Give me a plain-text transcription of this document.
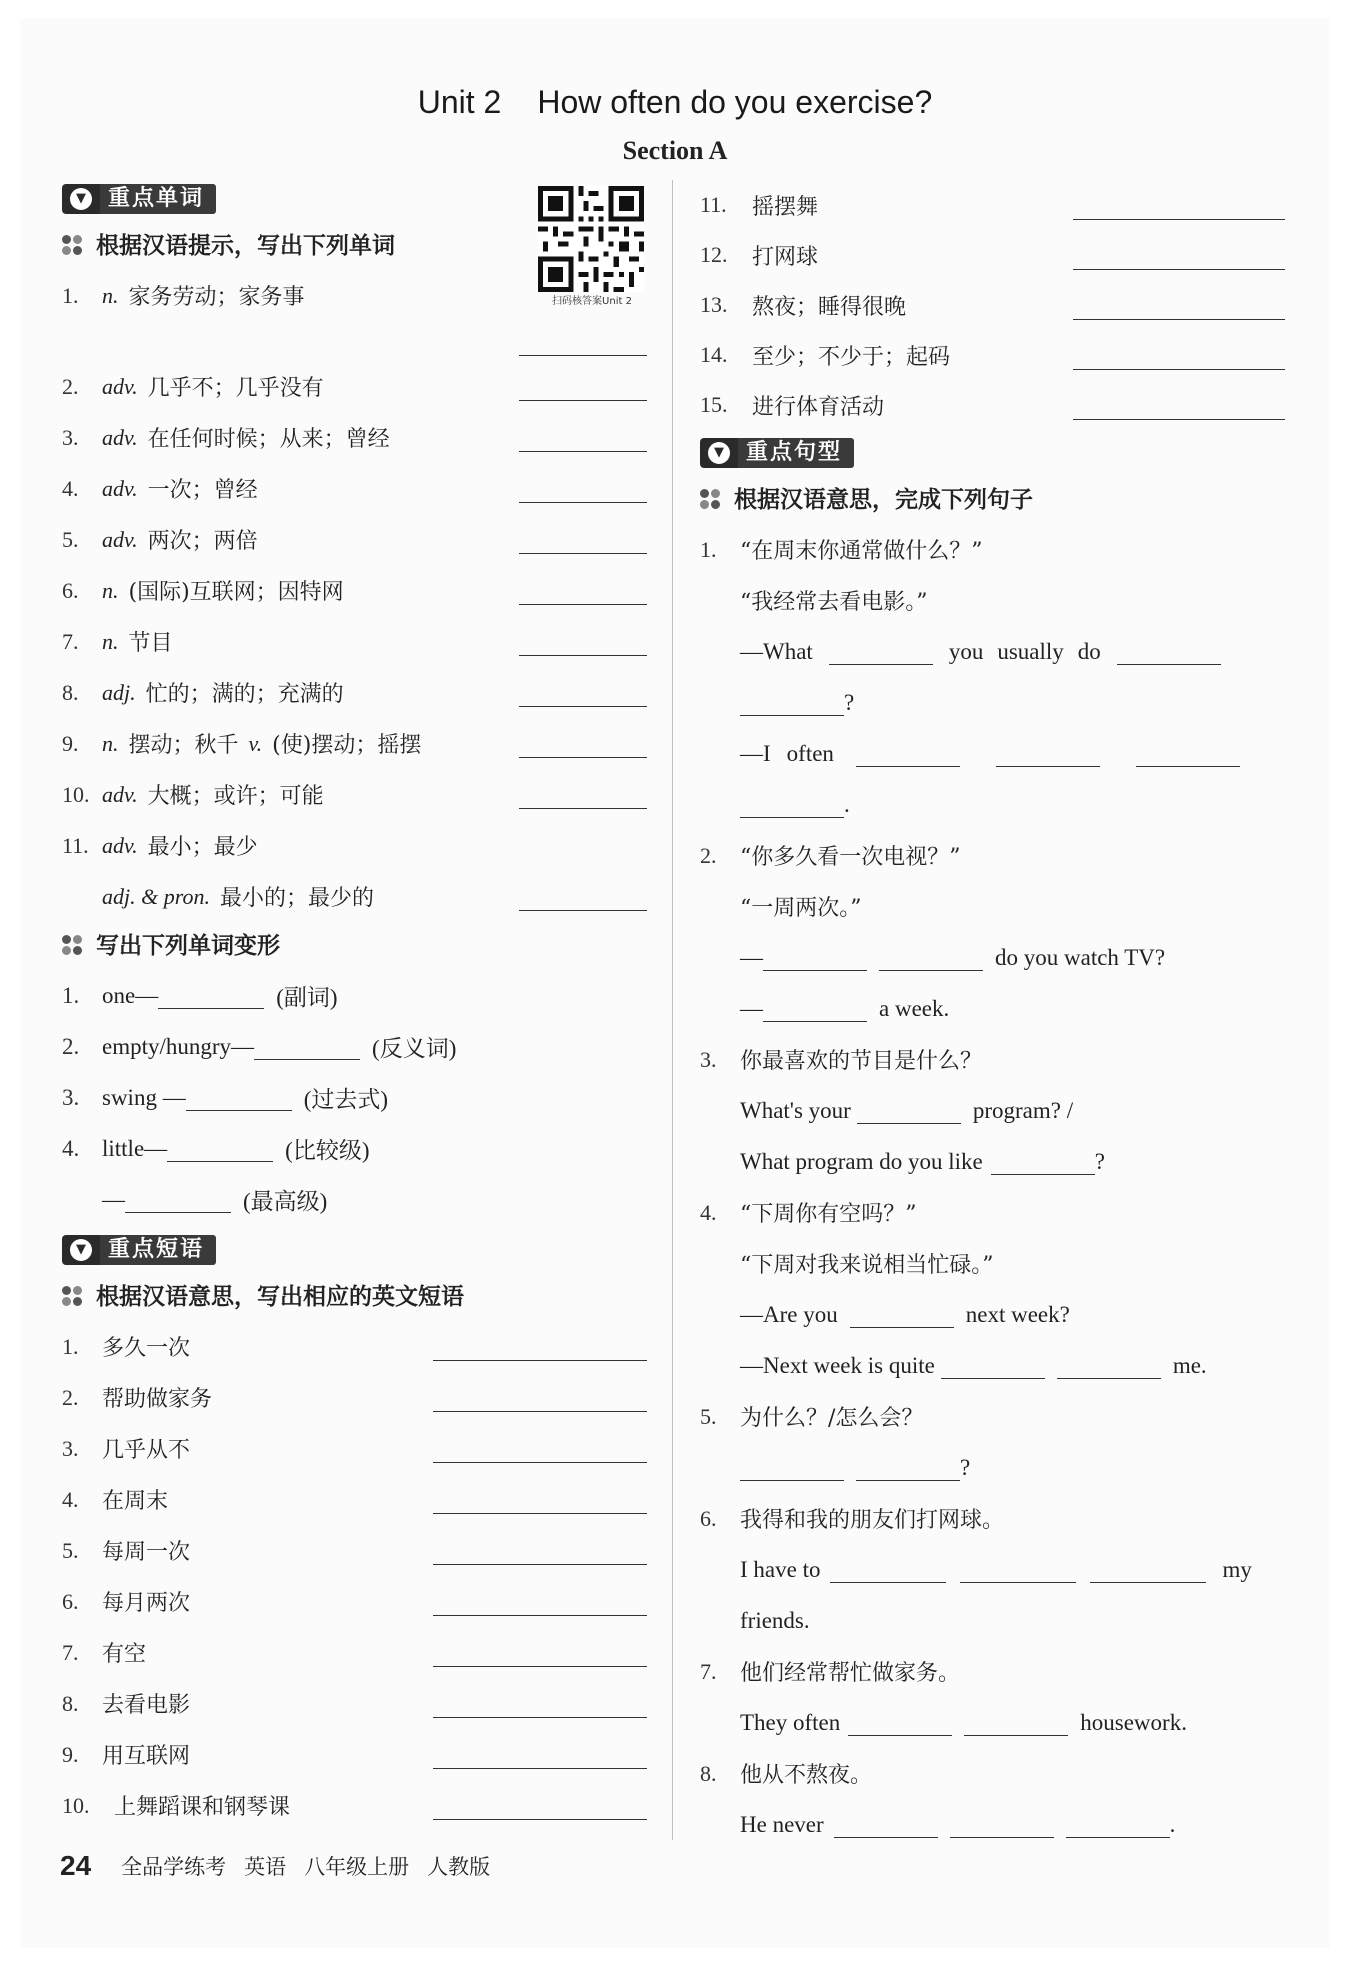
Unit 2 How often do you exercise?
Section A
扫码核答案Unit 2
▼	重点单词
根据汉语提示，写出下列单词
1.	n. 家务劳动；家务事
2.	adv. 几乎不；几乎没有
3.	adv. 在任何时候；从来；曾经
4.	adv. 一次；曾经
5.	adv. 两次；两倍
6.	n. (国际)互联网；因特网
7.	n. 节目
8.	adj. 忙的；满的；充满的
9.	n. 摆动；秋千 v. (使)摆动；摇摆
10. adv. 大概；或许；可能
11. adv. 最小；最少
adj. & pron. 最小的；最少的
写出下列单词变形
1. one—	(副词)
2. empty/hungry—	(反义词)
3. swing —	(过去式)
4. little—	(比较级)
—	(最高级)
▼	重点短语
根据汉语意思，写出相应的英文短语
1.	多久一次
2.	帮助做家务
3.	几乎从不
4.	在周末
5.	每周一次
6.	每月两次
7.	有空
8.	去看电影
9.	用互联网
10.	上舞蹈课和钢琴课
11.	摇摆舞
12.	打网球
13.	熬夜；睡得很晚
14.	至少；不少于；起码
15.	进行体育活动
▼	重点句型
根据汉语意思，完成下列句子
1.	“在周末你通常做什么？”
“我经常去看电影。”
—What	you usually do
?
—I often
.
2.	“你多久看一次电视？”
“一周两次。”
—	do you watch TV?
—	a week.
3.	你最喜欢的节目是什么？
What's your	program? /
What program do you like	?
4.	“下周你有空吗？”
“下周对我来说相当忙碌。”
—Are you	next week?
—Next week is quite	me.
5.	为什么？/怎么会？
?
6.	我得和我的朋友们打网球。
I have to	my
friends.
7.	他们经常帮忙做家务。
They often	housework.
8.	他从不熬夜。
He never	.
24 全品学练考 英语 八年级上册 人教版
